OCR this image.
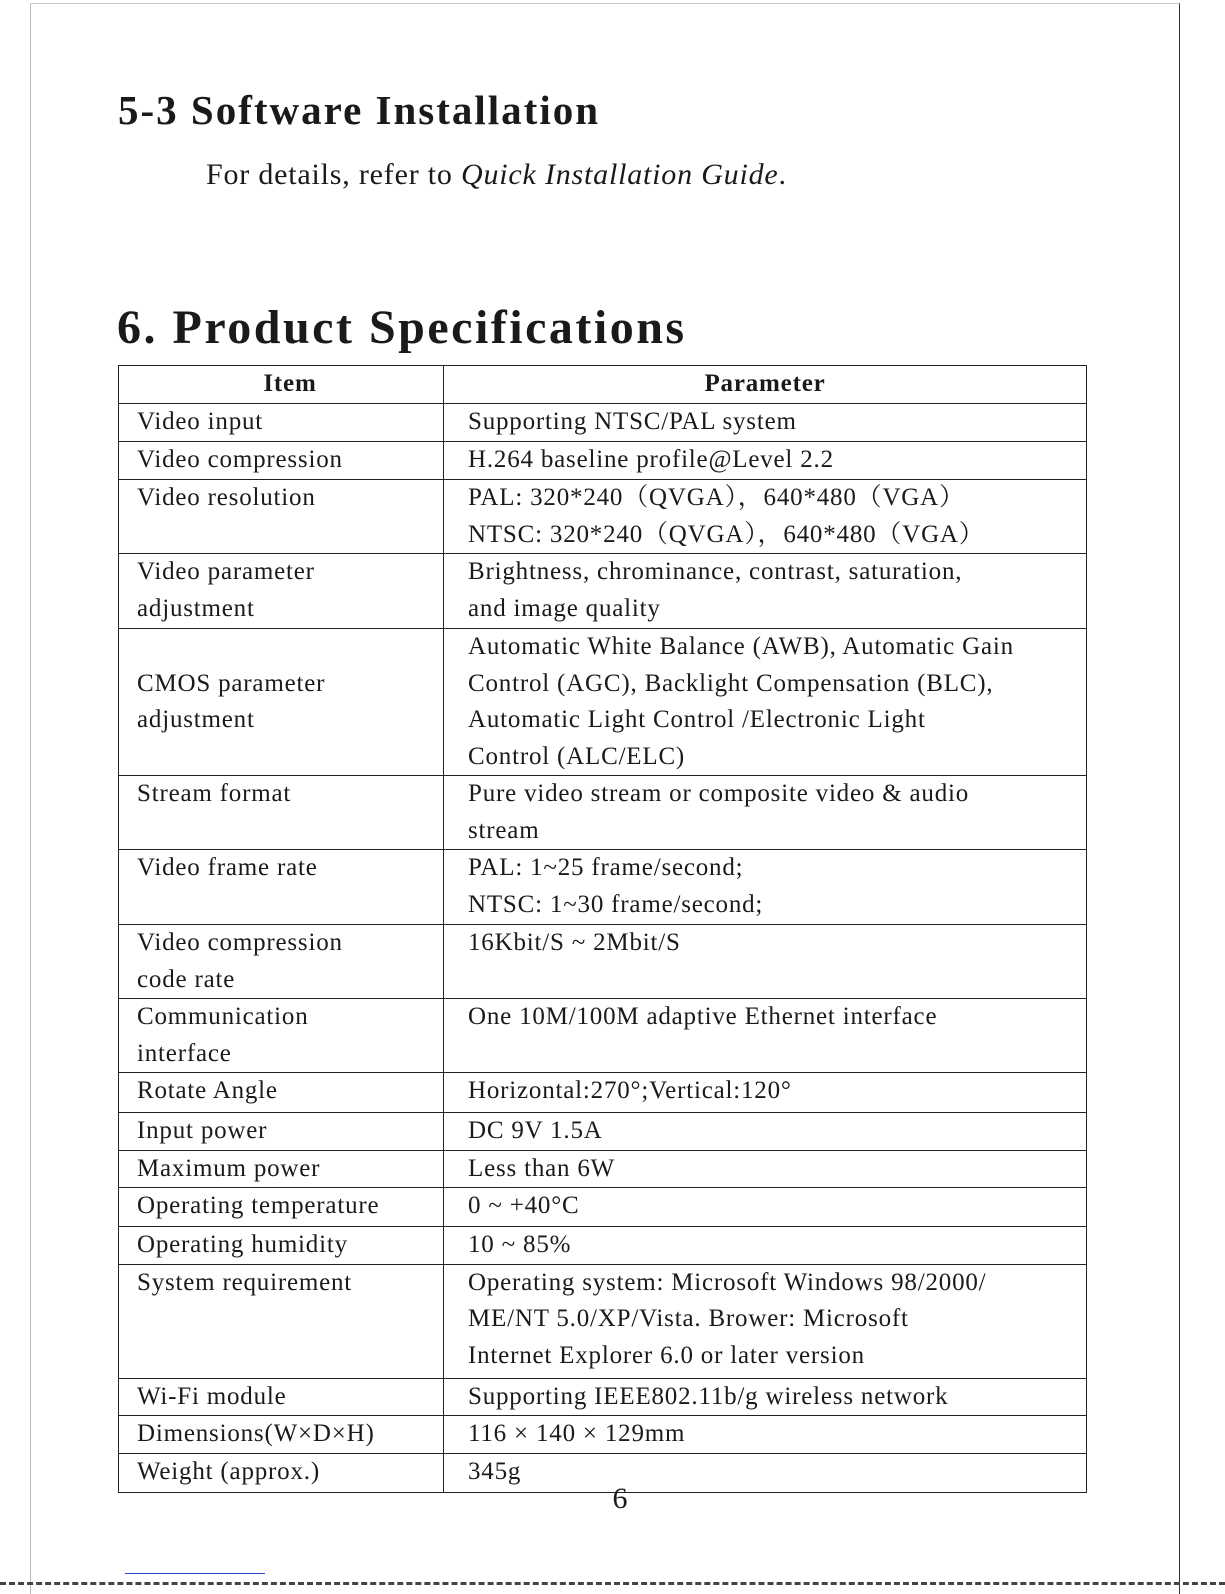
5-3 Software Installation

For details, refer to Quick Installation Guide.

6. Product Specifications
Item	Parameter

Video input	Supporting NTSC/PAL system

Video compression	H.264 baseline profile@Level 2.2

Video resolution	PAL: 320*240（QVGA），640*480（VGA）
NTSC: 320*240（QVGA），640*480（VGA）

Video parameter
adjustment	Brightness, chrominance, contrast, saturation,
and image quality

CMOS parameter
adjustment	Automatic White Balance (AWB), Automatic Gain
Control (AGC), Backlight Compensation (BLC),
Automatic Light Control /Electronic Light
Control (ALC/ELC)

Stream format	Pure video stream or composite video & audio
stream

Video frame rate	PAL: 1~25 frame/second;
NTSC: 1~30 frame/second;

Video compression
code rate	16Kbit/S ~ 2Mbit/S

Communication
interface	One 10M/100M adaptive Ethernet interface

Rotate Angle	Horizontal:270°;Vertical:120°

Input power	DC 9V 1.5A

Maximum power	Less than 6W

Operating temperature	0 ~ +40°C

Operating humidity	10 ~ 85%

System requirement	Operating system: Microsoft Windows 98/2000/
ME/NT 5.0/XP/Vista. Brower: Microsoft
Internet Explorer 6.0 or later version

Wi-Fi module	Supporting IEEE802.11b/g wireless network

Dimensions(W×D×H)	116 × 140 × 129mm

Weight (approx.)	345g
6
